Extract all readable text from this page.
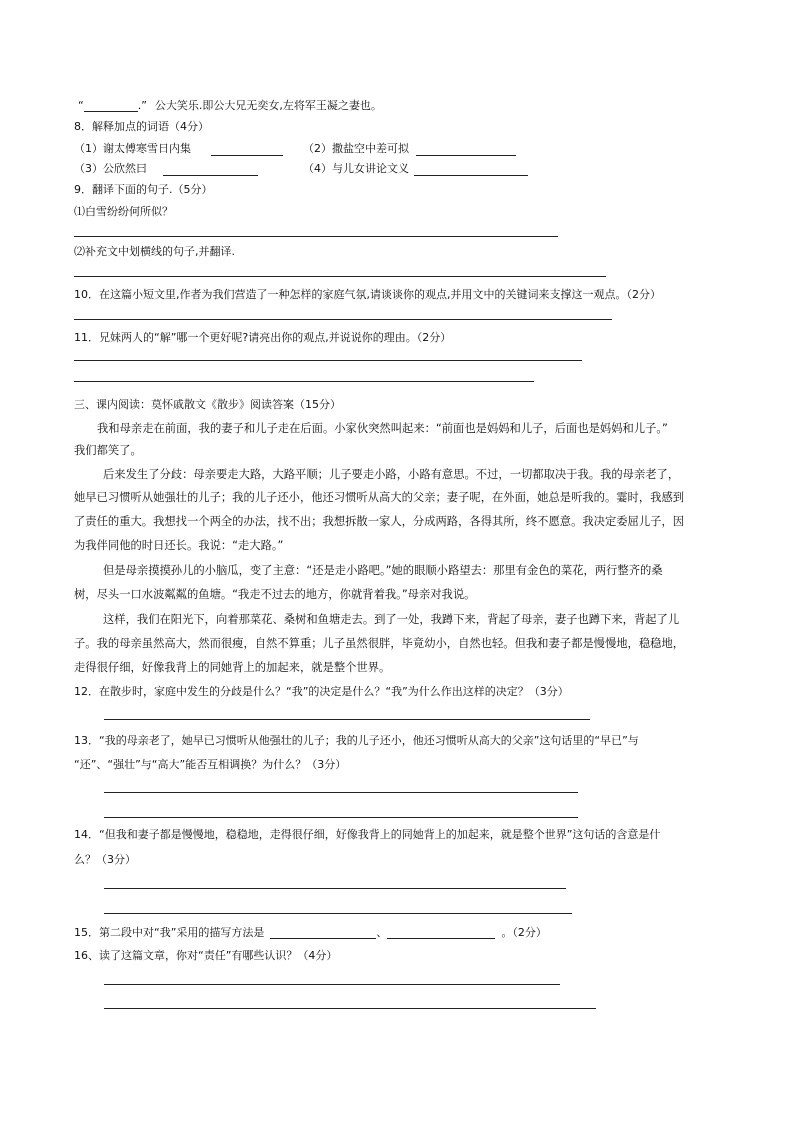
“	.” 公大笑乐.即公大兄无奕女,左将军王凝之妻也。
8．解释加点的词语（4分）
（1）谢太傅寒雪日内集	（2）撒盐空中差可拟
（3）公欣然曰	（4）与儿女讲论文义
9．翻译下面的句子.（5分）
⑴白雪纷纷何所似？
⑵补充文中划横线的句子,并翻译.
10．在这篇小短文里,作者为我们营造了一种怎样的家庭气氛,请谈谈你的观点,并用文中的关键词来支撑这一观点。（2分）
11．兄妹两人的“解”哪一个更好呢?请亮出你的观点,并说说你的理由。（2分）
三、课内阅读：莫怀戚散文《散步》阅读答案（15分）
我和母亲走在前面，我的妻子和儿子走在后面。小家伙突然叫起来：“前面也是妈妈和儿子，后面也是妈妈和儿子。”
我们都笑了。
后来发生了分歧：母亲要走大路，大路平顺；儿子要走小路，小路有意思。不过，一切都取决于我。我的母亲老了，
她早已习惯听从她强壮的儿子；我的儿子还小，他还习惯听从高大的父亲；妻子呢，在外面，她总是听我的。霎时，我感到
了责任的重大。我想找一个两全的办法，找不出；我想拆散一家人，分成两路，各得其所，终不愿意。我决定委屈儿子，因
为我伴同他的时日还长。我说：“走大路。”
但是母亲摸摸孙儿的小脑瓜，变了主意：“还是走小路吧。”她的眼顺小路望去：那里有金色的菜花，两行整齐的桑
树，尽头一口水波粼粼的鱼塘。“我走不过去的地方，你就背着我。”母亲对我说。
这样，我们在阳光下，向着那菜花、桑树和鱼塘走去。到了一处，我蹲下来，背起了母亲，妻子也蹲下来，背起了儿
子。我的母亲虽然高大，然而很瘦，自然不算重；儿子虽然很胖，毕竟幼小，自然也轻。但我和妻子都是慢慢地，稳稳地，
走得很仔细，好像我背上的同她背上的加起来，就是整个世界。
12．在散步时，家庭中发生的分歧是什么？“我”的决定是什么？“我”为什么作出这样的决定？（3分）
13．“我的母亲老了，她早已习惯听从他强壮的儿子；我的儿子还小，他还习惯听从高大的父亲”这句话里的“早已”与
“还”、“强壮”与“高大”能否互相调换？为什么？（3分）
14．“但我和妻子都是慢慢地，稳稳地，走得很仔细，好像我背上的同她背上的加起来，就是整个世界”这句话的含意是什
么？（3分）
15．第二段中对“我”采用的描写方法是	、	。（2分）
16、读了这篇文章，你对“责任”有哪些认识？（4分）
